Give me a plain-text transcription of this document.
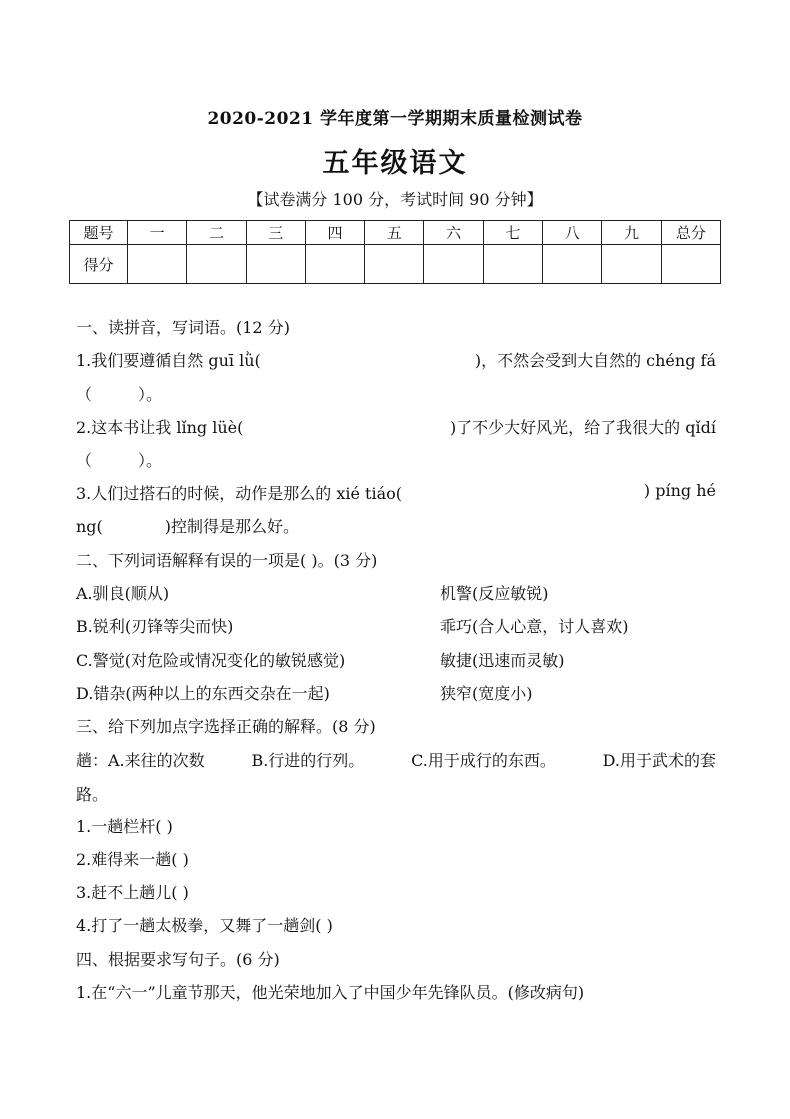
2020-2021 学年度第一学期期末质量检测试卷
五年级语文
【试卷满分 100 分，考试时间 90 分钟】
题号	一	二	三	四	五	六	七	八	九	总分
得分										
一、读拼音，写词语。(12 分)
1.我们要遵循自然 guī lǜ(	)，不然会受到大自然的 chéng fá
（	）。
2.这本书让我 lǐng lüè(	)了不少大好风光，给了我很大的 qǐdí
（	）。
3.人们过搭石的时候，动作是那么的 xié tiáo(	) píng hé
ng(	)控制得是那么好。
二、下列词语解释有误的一项是( )。(3 分)
A.驯良(顺从)	机警(反应敏锐)
B.锐利(刃锋等尖而快)	乖巧(合人心意，讨人喜欢)
C.警觉(对危险或情况变化的敏锐感觉)	敏捷(迅速而灵敏)
D.错杂(两种以上的东西交杂在一起)	狭窄(宽度小)
三、给下列加点字选择正确的解释。(8 分)
趟：A.来往的次数	B.行进的行列。	C.用于成行的东西。	D.用于武术的套
路。
1.一趟栏杆( )
2.难得来一趟( )
3.赶不上趟儿( )
4.打了一趟太极拳，又舞了一趟剑( )
四、根据要求写句子。(6 分)
1.在“六一”儿童节那天，他光荣地加入了中国少年先锋队员。(修改病句)
